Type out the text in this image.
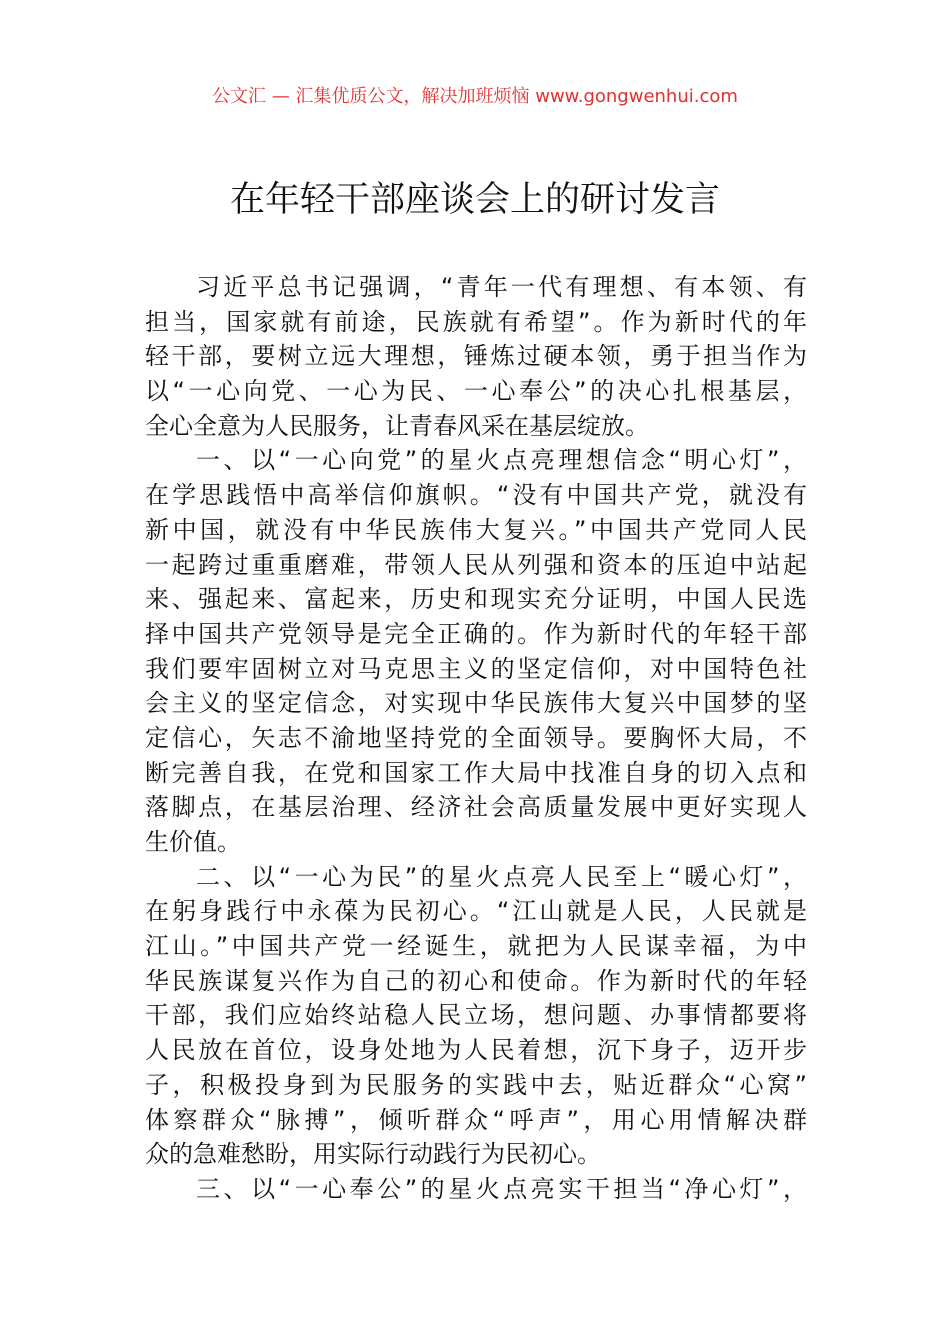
公文汇 — 汇集优质公文，解决加班烦恼 www.gongwenhui.com
在年轻干部座谈会上的研讨发言
习近平总书记强调，“青年一代有理想、有本领、有
担当，国家就有前途，民族就有希望”。作为新时代的年
轻干部，要树立远大理想，锤炼过硬本领，勇于担当作为
以“一心向党、一心为民、一心奉公”的决心扎根基层，
全心全意为人民服务，让青春风采在基层绽放。
一、以“一心向党”的星火点亮理想信念“明心灯”，
在学思践悟中高举信仰旗帜。“没有中国共产党，就没有
新中国，就没有中华民族伟大复兴。”中国共产党同人民
一起跨过重重磨难，带领人民从列强和资本的压迫中站起
来、强起来、富起来，历史和现实充分证明，中国人民选
择中国共产党领导是完全正确的。作为新时代的年轻干部
我们要牢固树立对马克思主义的坚定信仰，对中国特色社
会主义的坚定信念，对实现中华民族伟大复兴中国梦的坚
定信心，矢志不渝地坚持党的全面领导。要胸怀大局，不
断完善自我，在党和国家工作大局中找准自身的切入点和
落脚点，在基层治理、经济社会高质量发展中更好实现人
生价值。
二、以“一心为民”的星火点亮人民至上“暖心灯”，
在躬身践行中永葆为民初心。“江山就是人民，人民就是
江山。”中国共产党一经诞生，就把为人民谋幸福，为中
华民族谋复兴作为自己的初心和使命。作为新时代的年轻
干部，我们应始终站稳人民立场，想问题、办事情都要将
人民放在首位，设身处地为人民着想，沉下身子，迈开步
子，积极投身到为民服务的实践中去，贴近群众“心窝”
体察群众“脉搏”，倾听群众“呼声”，用心用情解决群
众的急难愁盼，用实际行动践行为民初心。
三、以“一心奉公”的星火点亮实干担当“净心灯”，
